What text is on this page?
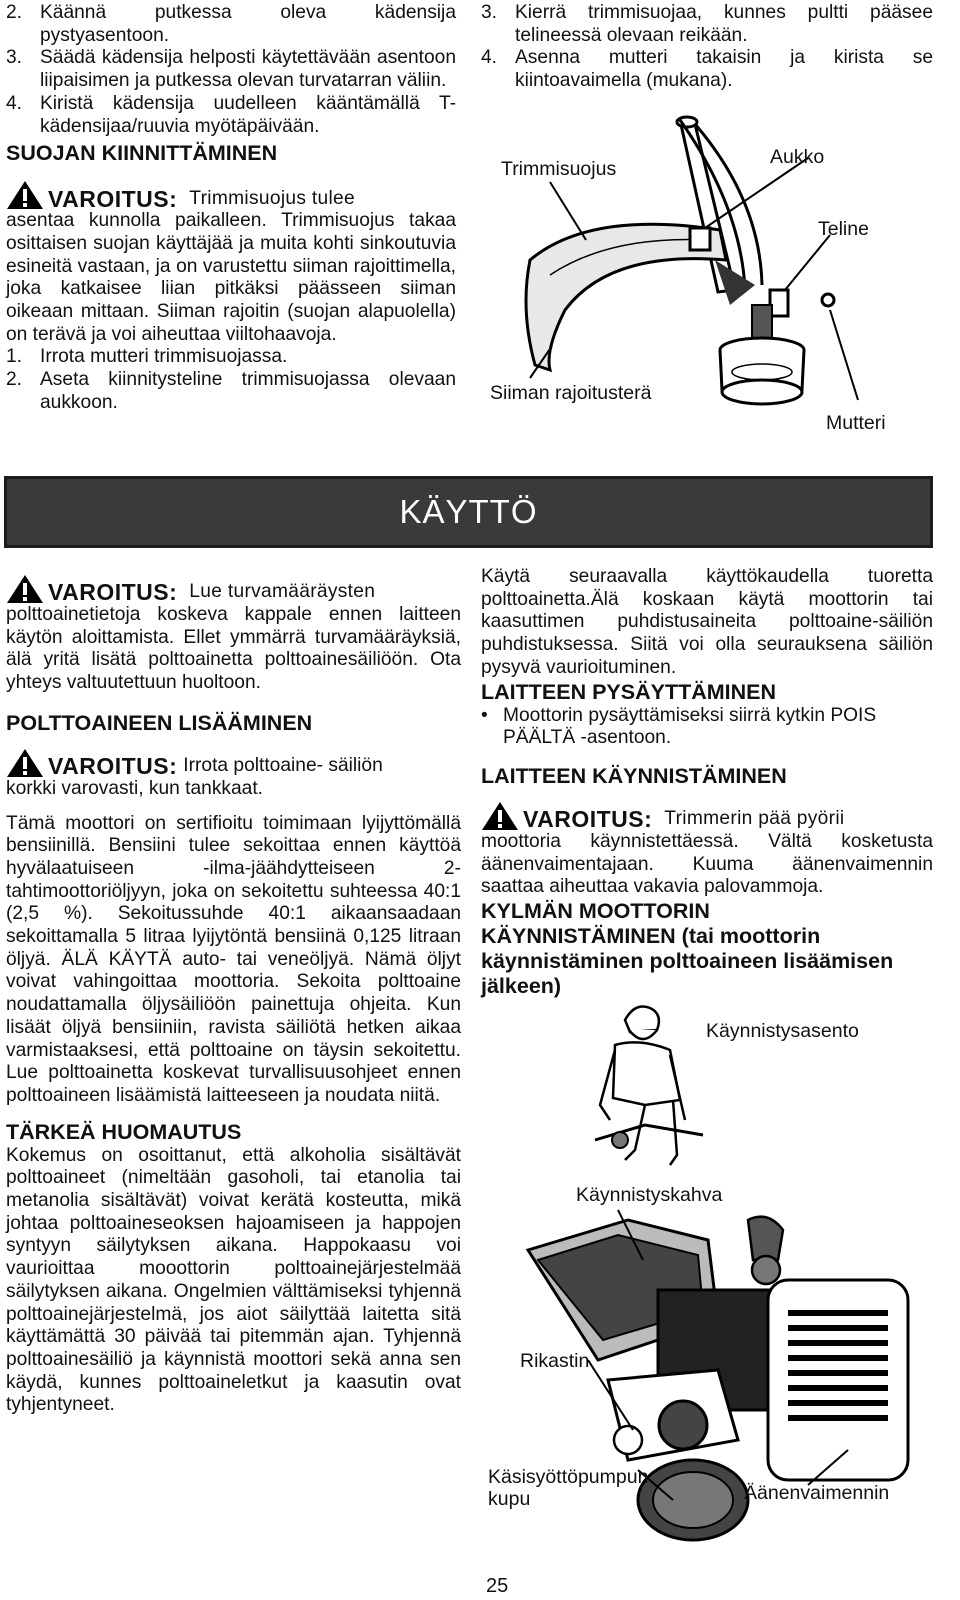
2. Käännä putkessa oleva kädensija pystyasentoon.
3. Säädä kädensija helposti käytettävään asentoon liipaisimen ja putkessa olevan turvatarran väliin.
4. Kiristä kädensija uudelleen kääntämällä T-kädensijaa/ruuvia myötäpäivään.
SUOJAN KIINNITTÄMINEN
VAROITUS: Trimmisuojus tulee

asentaa kunnolla paikalleen. Trimmisuojus takaa osittaisen suojan käyttäjää ja muita kohti sinkoutuvia esineitä vastaan, ja on varustettu siiman rajoittimella, joka katkaisee liian pitkäksi päässeen siiman oikeaan mittaan. Siiman rajoitin (suojan alapuolella) on terävä ja voi aiheuttaa viiltohaavoja.

1. Irrota mutteri trimmisuojassa.
2. Aseta kiinnitysteline trimmisuojassa olevaan aukkoon.
3. Kierrä trimmisuojaa, kunnes pultti pääsee telineessä olevaan reikään.
4. Asenna mutteri takaisin ja kirista se kiintoavaimella (mukana).
Trimmisuojus
Aukko
Teline
Siiman rajoitusterä
Mutteri
KÄYTTÖ
VAROITUS: Lue turvamääräysten

polttoainetietoja koskeva kappale ennen laitteen käytön aloittamista. Ellet ymmärrä turvamääräyksiä, älä yritä lisätä polttoainetta polttoainesäiliöön. Ota yhteys valtuutettuun huoltoon.

POLTTOAINEEN LISÄÄMINEN
VAROITUS: Irrota polttoaine- säiliön

korkki varovasti, kun tankkaat.

Tämä moottori on sertifioitu toimimaan lyijyttömällä bensiinillä. Bensiini tulee sekoittaa ennen käyttöä hyvälaatuiseen -ilma-jäähdytteiseen 2-tahtimoottoriöljyyn, joka on sekoitettu suhteessa 40:1 (2,5 %). Sekoitussuhde 40:1 aikaansaadaan sekoittamalla 5 litraa lyijytöntä bensiinä 0,125 litraan öljyä. ÄLÄ KÄYTÄ auto- tai veneöljyä. Nämä öljyt voivat vahingoittaa moottoria. Sekoita polttoaine noudattamalla öljysäiliöön painettuja ohjeita. Kun lisäät öljyä bensiiniin, ravista säiliötä hetken aikaa varmistaaksesi, että polttoaine on täysin sekoitettu. Lue polttoainetta koskevat turvallisuusohjeet ennen polttoaineen lisäämistä laitteeseen ja noudata niitä.

TÄRKEÄ HUOMAUTUS

Kokemus on osoittanut, että alkoholia sisältävät polttoaineet (nimeltään gasoholi, tai etanolia tai metanolia sisältävät) voivat kerätä kosteutta, mikä johtaa polttoaineseoksen hajoamiseen ja happojen syntyyn säilytyksen aikana. Happokaasu voi vaurioittaa mooottorin polttoainejärjestelmää säilytyksen aikana. Ongelmien välttämiseksi tyhjennä polttoainejärjestelmä, jos aiot säilyttää laitetta sitä käyttämättä 30 päivää tai pitemmän ajan. Tyhjennä polttoainesäiliö ja käynnistä moottori sekä anna sen käydä, kunnes polttoaineletkut ja kaasutin ovat tyhjentyneet.

Käytä seuraavalla käyttökaudella tuoretta polttoainetta.Älä koskaan käytä moottorin tai kaasuttimen puhdistusaineita polttoaine-säiliön puhdistuksessa. Siitä voi olla seurauksena säiliön pysyvä vaurioituminen.

LAITTEEN PYSÄYTTÄMINEN
• Moottorin pysäyttämiseksi siirrä kytkin POIS PÄÄLTÄ -asentoon.
LAITTEEN KÄYNNISTÄMINEN
VAROITUS: Trimmerin pää pyörii

moottoria käynnistettäessä. Vältä kosketusta äänenvaimentajaan. Kuuma äänenvaimennin saattaa aiheuttaa vakavia palovammoja.

KYLMÄN MOOTTORIN KÄYNNISTÄMINEN (tai moottorin käynnistäminen polttoaineen lisäämisen jälkeen)
Käynnistysasento
Käynnistyskahva
Rikastin
Käsisyöttöpumpun kupu	Äänenvaimennin
25
